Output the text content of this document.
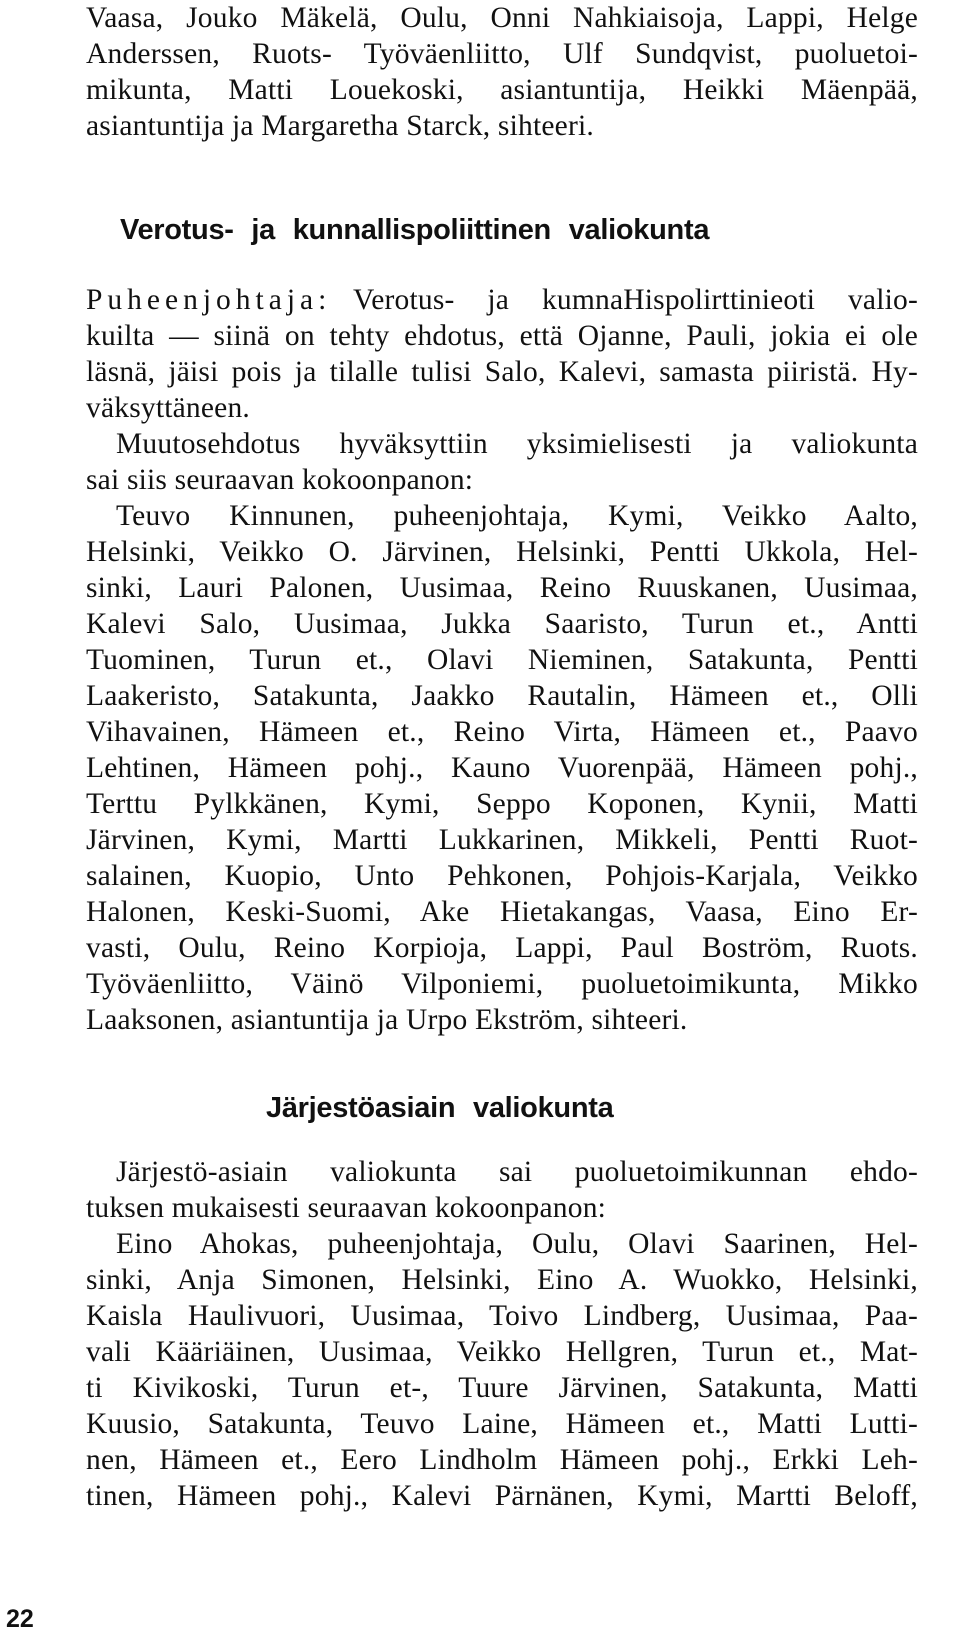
Vaasa, Jouko Mäkelä, Oulu, Onni Nahkiaisoja, Lappi, Helge
Anderssen, Ruots- Työväenliitto, Ulf Sundqvist, puoluetoi-
mikunta, Matti Louekoski, asiantuntija, Heikki Mäenpää,
asiantuntija ja Margaretha Starck, sihteeri.
Verotus- ja kunnallispoliittinen valiokunta
Puheenjohtaja: Verotus- ja kumnaHispolirttinieoti valio-
kuilta — siinä on tehty ehdotus, että Ojanne, Pauli, jokia ei ole
läsnä, jäisi pois ja tilalle tulisi Salo, Kalevi, samasta piiristä. Hy-
väksyttäneen.
Muutosehdotus hyväksyttiin yksimielisesti ja valiokunta
sai siis seuraavan kokoonpanon:
Teuvo Kinnunen, puheenjohtaja, Kymi, Veikko Aalto,
Helsinki, Veikko O. Järvinen, Helsinki, Pentti Ukkola, Hel-
sinki, Lauri Palonen, Uusimaa, Reino Ruuskanen, Uusimaa,
Kalevi Salo, Uusimaa, Jukka Saaristo, Turun et., Antti
Tuominen, Turun et., Olavi Nieminen, Satakunta, Pentti
Laakeristo, Satakunta, Jaakko Rautalin, Hämeen et., Olli
Vihavainen, Hämeen et., Reino Virta, Hämeen et., Paavo
Lehtinen, Hämeen pohj., Kauno Vuorenpää, Hämeen pohj.,
Terttu Pylkkänen, Kymi, Seppo Koponen, Kynii, Matti
Järvinen, Kymi, Martti Lukkarinen, Mikkeli, Pentti Ruot-
salainen, Kuopio, Unto Pehkonen, Pohjois-Karjala, Veikko
Halonen, Keski-Suomi, Ake Hietakangas, Vaasa, Eino Er-
vasti, Oulu, Reino Korpioja, Lappi, Paul Boström, Ruots.
Työväenliitto, Väinö Vilponiemi, puoluetoimikunta, Mikko
Laaksonen, asiantuntija ja Urpo Ekström, sihteeri.
Järjestöasiain valiokunta
Järjestö-asiain valiokunta sai puoluetoimikunnan ehdo-
tuksen mukaisesti seuraavan kokoonpanon:
Eino Ahokas, puheenjohtaja, Oulu, Olavi Saarinen, Hel-
sinki, Anja Simonen, Helsinki, Eino A. Wuokko, Helsinki,
Kaisla Haulivuori, Uusimaa, Toivo Lindberg, Uusimaa, Paa-
vali Kääriäinen, Uusimaa, Veikko Hellgren, Turun et., Mat-
ti Kivikoski, Turun et-, Tuure Järvinen, Satakunta, Matti
Kuusio, Satakunta, Teuvo Laine, Hämeen et., Matti Lutti-
nen, Hämeen et., Eero Lindholm Hämeen pohj., Erkki Leh-
tinen, Hämeen pohj., Kalevi Pärnänen, Kymi, Martti Beloff,
22
